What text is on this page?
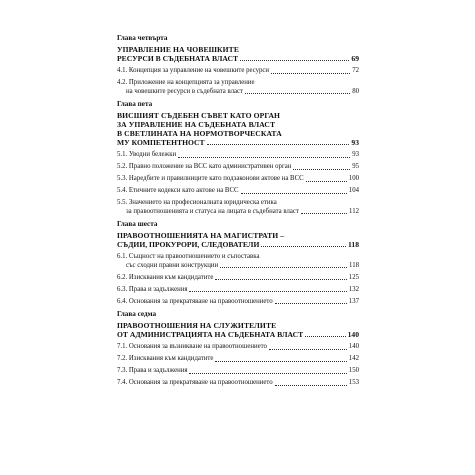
Глава четвърта
УПРАВЛЕНИЕ НА ЧОВЕШКИТЕ
РЕСУРСИ В СЪДЕБНАТА ВЛАСТ	69
4.1. Концепция за управление на човешките ресурси	72
4.2. Приложение на концепцията за управление
на човешките ресурси в съдебната власт	80
Глава пета
ВИСШИЯТ СЪДЕБЕН СЪВЕТ КАТО ОРГАН
ЗА УПРАВЛЕНИЕ НА СЪДЕБНАТА ВЛАСТ
В СВЕТЛИНАТА НА НОРМОТВОРЧЕСКАТА
МУ КОМПЕТЕНТНОСТ	93
5.1. Уводни бележки	93
5.2. Правно положение на ВСС като административен орган	95
5.3. Наредбите и правилниците като подзаконови актове на ВСС	100
5.4. Етичните кодекси като актове на ВСС	104
5.5. Значението на професионалната юридическа етика
за правоотношенията и статуса на лицата в съдебната власт	112
Глава шеста
ПРАВООТНОШЕНИЯТА НА МАГИСТРАТИ –
СЪДИИ, ПРОКУРОРИ, СЛЕДОВАТЕЛИ	118
6.1. Същност на правоотношението и съпоставка
със сходни правни конструкции	118
6.2. Изисквания към кандидатите	125
6.3. Права и задължения	132
6.4. Основания за прекратяване на правоотношението	137
Глава седма
ПРАВООТНОШЕНИЯ НА СЛУЖИТЕЛИТЕ
ОТ АДМИНИСТРАЦИЯТА НА СЪДЕБНАТА ВЛАСТ	140
7.1. Основания за възникване на правоотношението	140
7.2. Изисквания към кандидатите	142
7.3. Права и задължения	150
7.4. Основания за прекратяване на правоотношението	153
